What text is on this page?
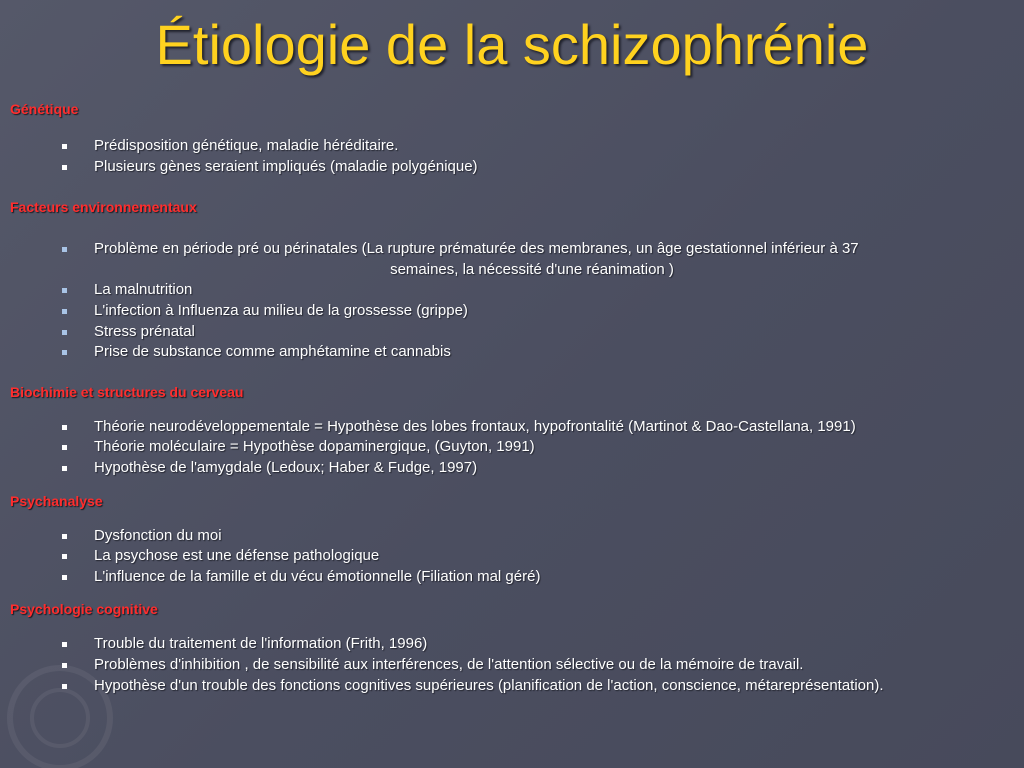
Étiologie de la schizophrénie
Génétique
Prédisposition génétique, maladie héréditaire.
Plusieurs gènes seraient impliqués (maladie polygénique)
Facteurs environnementaux
Problème en période pré ou périnatales (La rupture prématurée des membranes, un âge gestationnel inférieur à 37
semaines, la nécessité d'une réanimation )
La malnutrition
L'infection à Influenza au milieu de la grossesse (grippe)
Stress prénatal
Prise de substance comme amphétamine et cannabis
Biochimie et structures du cerveau
Théorie neurodéveloppementale = Hypothèse des lobes frontaux, hypofrontalité (Martinot & Dao-Castellana, 1991)
Théorie moléculaire = Hypothèse dopaminergique, (Guyton, 1991)
Hypothèse de l'amygdale (Ledoux; Haber & Fudge, 1997)
Psychanalyse
Dysfonction du moi
La psychose est une défense pathologique
L'influence de la famille et du vécu émotionnelle (Filiation mal géré)
Psychologie cognitive
Trouble du traitement de l'information (Frith, 1996)
Problèmes d'inhibition , de sensibilité aux interférences, de l'attention sélective ou de la mémoire de travail.
Hypothèse d'un trouble des fonctions cognitives supérieures (planification de l'action, conscience, métareprésentation).
